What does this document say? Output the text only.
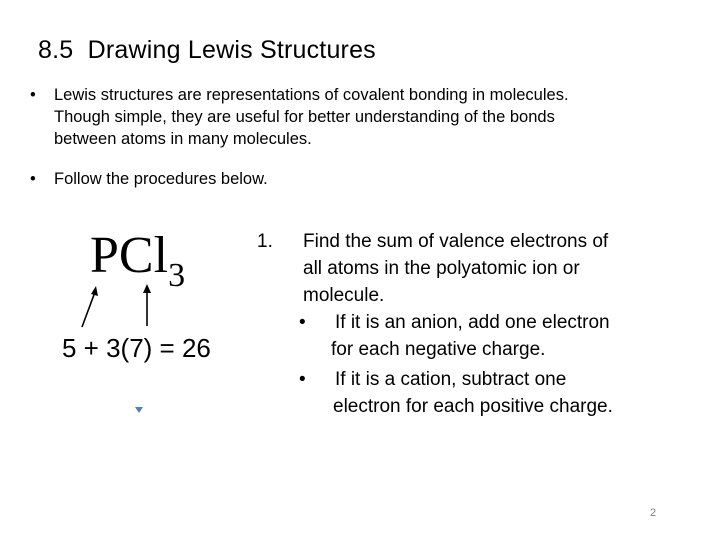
8.5  Drawing Lewis Structures
• Lewis structures are representations of covalent bonding in molecules.
Though simple, they are useful for better understanding of the bonds
between atoms in many molecules.
• Follow the procedures below.
PCl$_3$
5 + 3(7) = 26
1. Find the sum of valence electrons of
all atoms in the polyatomic ion or
molecule.
• If it is an anion, add one electron
for each negative charge.
• If it is a cation, subtract one
electron for each positive charge.
2
